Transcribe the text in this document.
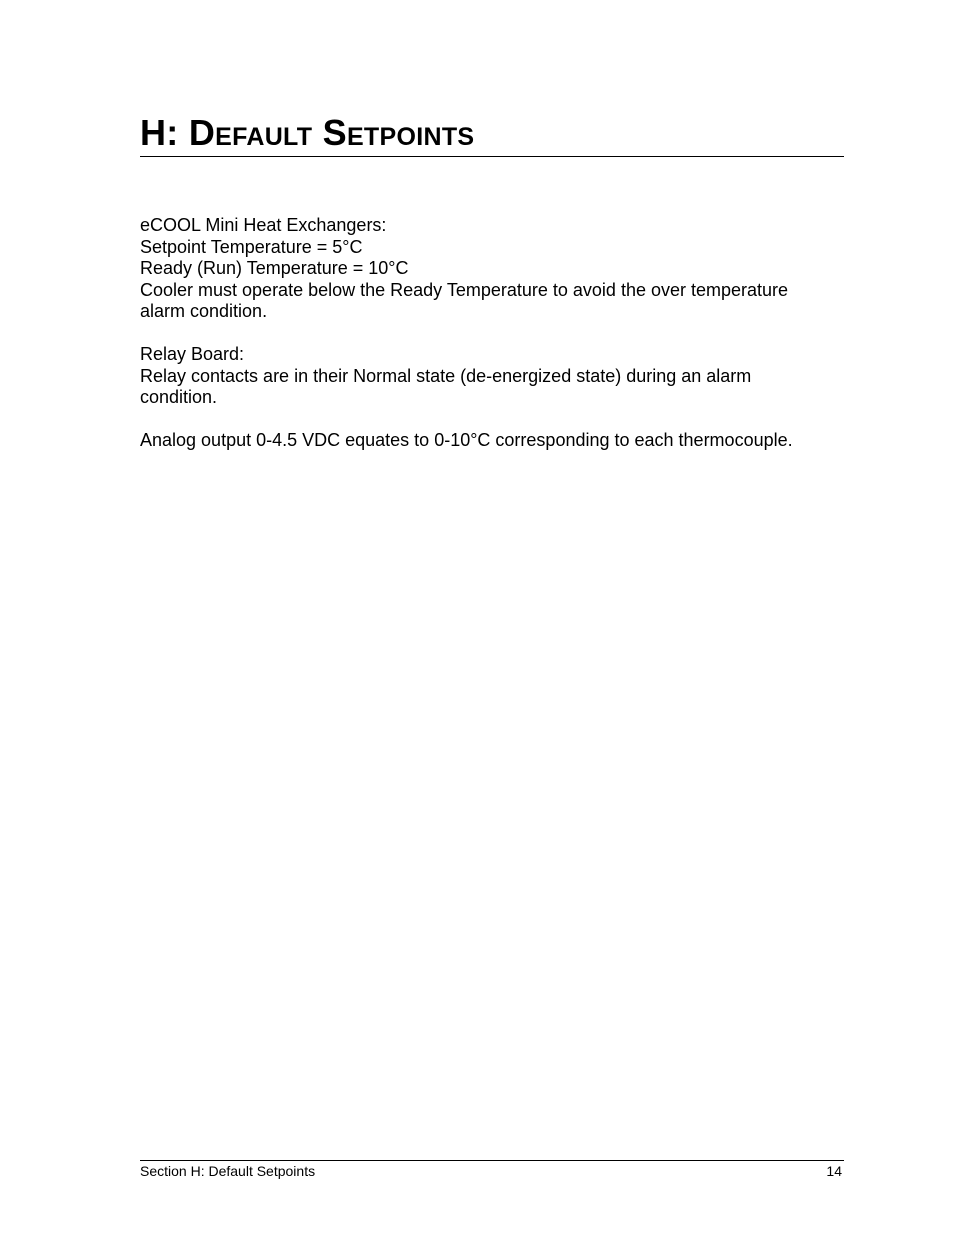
H: Default Setpoints
eCOOL Mini Heat Exchangers:
Setpoint Temperature = 5°C
Ready (Run) Temperature = 10°C
Cooler must operate below the Ready Temperature to avoid the over temperature
alarm condition.
Relay Board:
Relay contacts are in their Normal state (de-energized state) during an alarm
condition.
Analog output 0-4.5 VDC equates to 0-10°C corresponding to each thermocouple.
Section H: Default Setpoints	14
